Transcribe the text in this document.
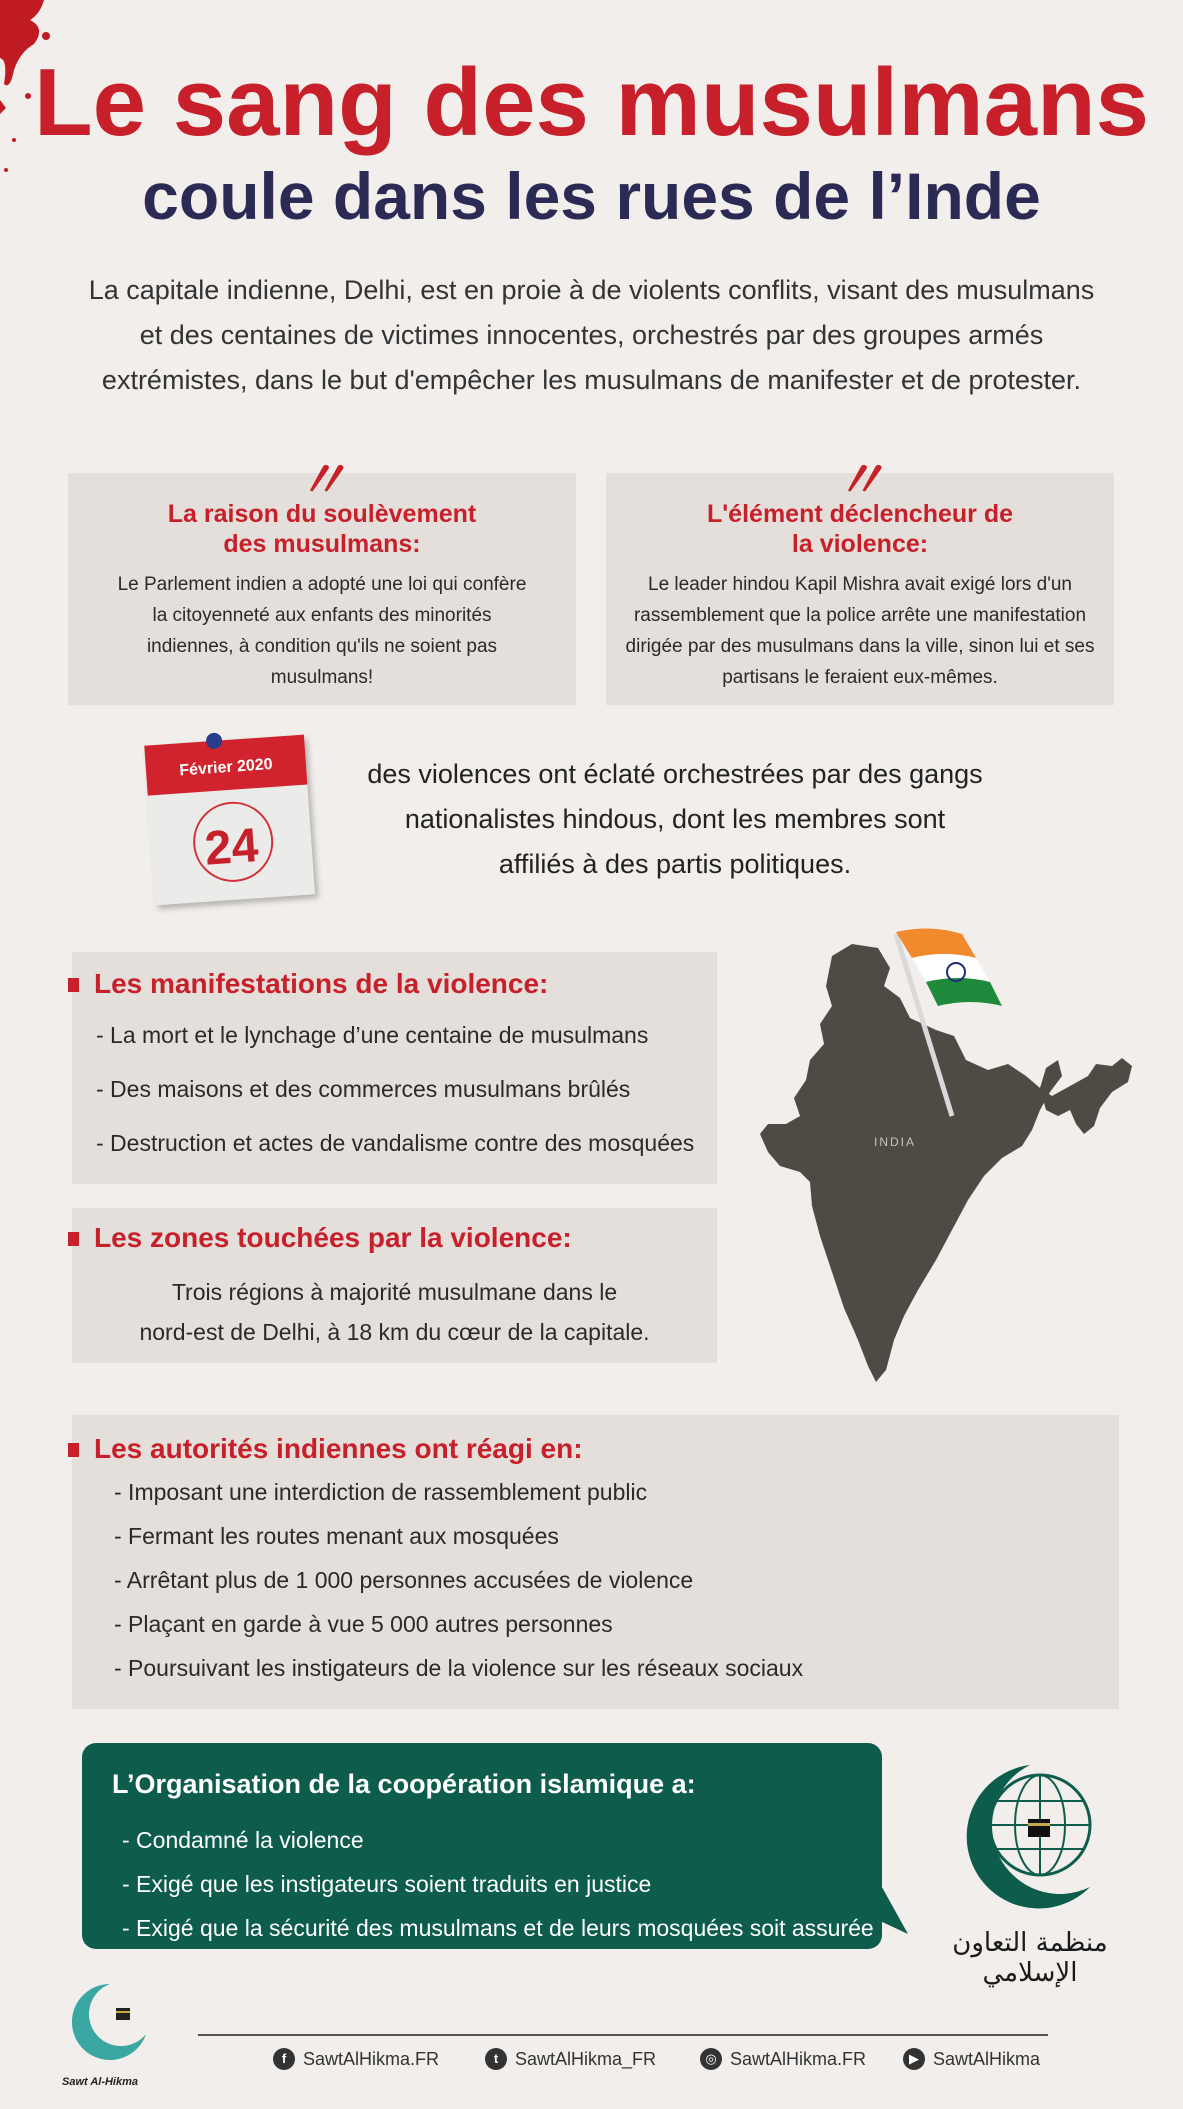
Le sang des musulmans
coule dans les rues de l’Inde
La capitale indienne, Delhi, est en proie à de violents conflits, visant des musulmans
et des centaines de victimes innocentes, orchestrés par des groupes armés
extrémistes, dans le but d'empêcher les musulmans de manifester et de protester.
〃
La raison du soulèvement
des musulmans:
Le Parlement indien a adopté une loi qui confère
la citoyenneté aux enfants des minorités
indiennes, à condition qu'ils ne soient pas
musulmans!
〃
L'élément déclencheur de
la violence:
Le leader hindou Kapil Mishra avait exigé lors d'un
rassemblement que la police arrête une manifestation
dirigée par des musulmans dans la ville, sinon lui et ses
partisans le feraient eux-mêmes.
Février 2020
24
des violences ont éclaté orchestrées par des gangs
nationalistes hindous, dont les membres sont
affiliés à des partis politiques.
Les manifestations de la violence:
- La mort et le lynchage d’une centaine de musulmans
- Des maisons et des commerces musulmans brûlés
- Destruction et actes de vandalisme contre des mosquées
Les zones touchées par la violence:
Trois régions à majorité musulmane dans le
nord-est de Delhi, à 18 km du cœur de la capitale.
INDIA
Les autorités indiennes ont réagi en:
- Imposant une interdiction de rassemblement public
- Fermant les routes menant aux mosquées
- Arrêtant plus de 1 000 personnes accusées de violence
- Plaçant en garde à vue 5 000 autres personnes
- Poursuivant les instigateurs de la violence sur les réseaux sociaux
L’Organisation de la coopération islamique a:
- Condamné la violence
- Exigé que les instigateurs soient traduits en justice
- Exigé que la sécurité des musulmans et de leurs mosquées soit assurée	منظمة التعاون الإسلامي
Sawt Al-Hikma
f SawtAlHikma.FR	t SawtAlHikma_FR	◎ SawtAlHikma.FR	▶ SawtAlHikma
